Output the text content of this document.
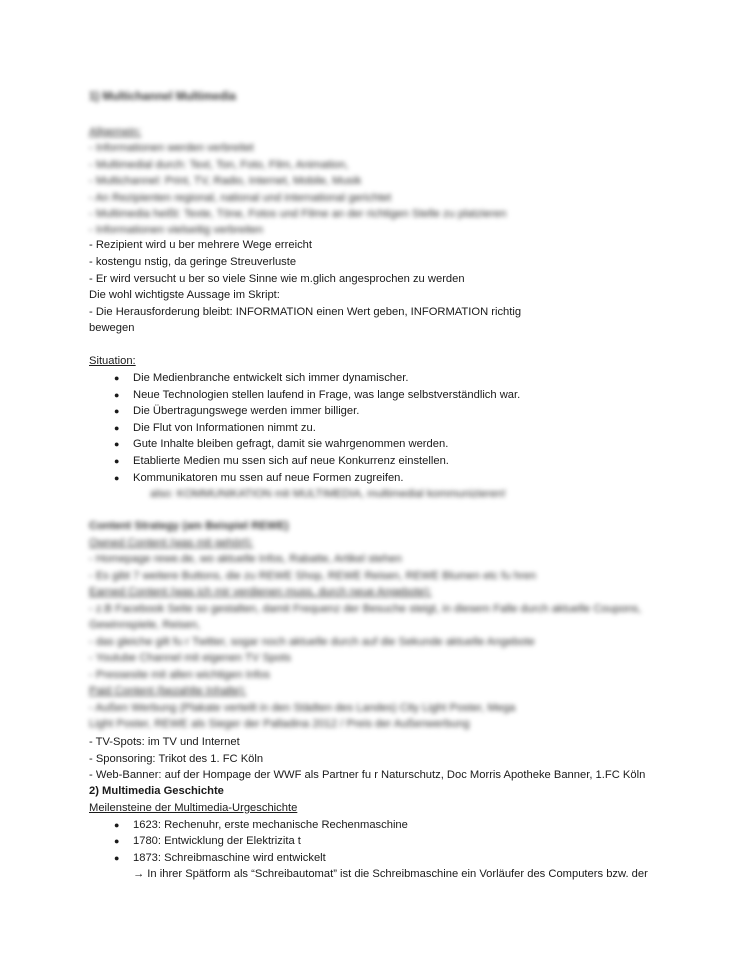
1) Multichannel Multimedia
Allgemein:
- Informationen werden verbreitet
- Multimedial durch: Text, Ton, Foto, Film, Animation,
- Multichannel: Print, TV, Radio, Internet, Mobile, Musik
- An Rezipienten regional, national und international gerichtet
- Multimedia heißt: Texte, Töne, Fotos und Filme an der richtigen Stelle zu platzieren
- Informationen vielseitig verbreiten
- Rezipient wird u ber mehrere Wege erreicht
- kostengu nstig, da geringe Streuverluste
- Er wird versucht u ber so viele Sinne wie m.glich angesprochen zu werden
Die wohl wichtigste Aussage im Skript:
- Die Herausforderung bleibt: INFORMATION einen Wert geben, INFORMATION richtig
bewegen
Situation:
● Die Medienbranche entwickelt sich immer dynamischer.
● Neue Technologien stellen laufend in Frage, was lange selbstverständlich war.
● Die Übertragungswege werden immer billiger.
● Die Flut von Informationen nimmt zu.
● Gute Inhalte bleiben gefragt, damit sie wahrgenommen werden.
● Etablierte Medien mu ssen sich auf neue Konkurrenz einstellen.
● Kommunikatoren mu ssen auf neue Formen zugreifen.
also: KOMMUNIKATION mit MULTIMEDIA, multimedial kommunizieren!
Content Strategy (am Beispiel REWE)
Owned Content (was mit gehört):
- Homepage rewe.de, wo aktuelle Infos, Rabatte, Artikel stehen
- Es gibt 7 weitere Buttons, die zu REWE Shop, REWE Reisen, REWE Blumen etc fu hren
Earned Content (was ich mir verdienen muss, durch neue Angebote):
- z.B Facebook Seite so gestalten, damit Frequenz der Besuche steigt, in diesem Falle durch aktuelle Coupons,
Gewinnspiele, Reisen,
- das gleiche gilt fu r Twitter, sogar noch aktuelle durch auf die Sekunde aktuelle Angebote
- Youtube Channel mit eigenen TV Spots
- Pressesite mit allen wichtigen Infos
Paid Content (bezahlte Inhalte):
- Außen Werbung (Plakate verteilt in den Städten des Landes) City Light Poster, Mega
Light Poster, REWE als Sieger der Palladina 2012 / Preis der Außenwerbung
- TV-Spots: im TV und Internet
- Sponsoring: Trikot des 1. FC Köln
- Web-Banner: auf der Hompage der WWF als Partner fu r Naturschutz, Doc Morris Apotheke Banner, 1.FC Köln
2) Multimedia Geschichte
Meilensteine der Multimedia-Urgeschichte
● 1623: Rechenuhr, erste mechanische Rechenmaschine
● 1780: Entwicklung der Elektrizita t
● 1873: Schreibmaschine wird entwickelt
→ In ihrer Spätform als “Schreibautomat” ist die Schreibmaschine ein Vorläufer des Computers bzw. der
